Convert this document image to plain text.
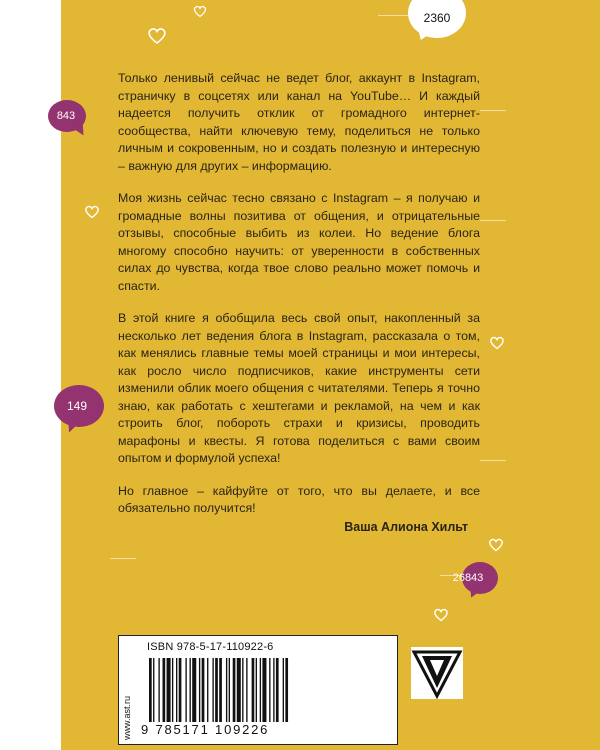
2360
843
149
26843

Только ленивый сейчас не ведет блог, аккаунт в Instagram, страничку в соцсетях или канал на YouTube… И каждый надеется получить отклик от громадного интернет-сообщества, найти ключевую тему, поделиться не только личным и сокровенным, но и создать полезную и интересную – важную для других – информацию.

Моя жизнь сейчас тесно связано с Instagram – я получаю и громадные волны позитива от общения, и отрицательные отзывы, способные выбить из колеи. Но ведение блога многому способно научить: от уверенности в собственных силах до чувства, когда твое слово реально может помочь и спасти.

В этой книге я обобщила весь свой опыт, накопленный за несколько лет ведения блога в Instagram, рассказала о том, как менялись главные темы моей страницы и мои интересы, как росло число подписчиков, какие инструменты сети изменили облик моего общения с читателями. Теперь я точно знаю, как работать с хештегами и рекламой, на чем и как строить блог, побороть страхи и кризисы, проводить марафоны и квесты. Я готова поделиться с вами своим опытом и формулой успеха!

Но главное – кайфуйте от того, что вы делаете, и все обязательно получится!

Ваша Алиона Хильт
ISBN 978-5-17-110922-6
9 785171 109226
www.ast.ru
